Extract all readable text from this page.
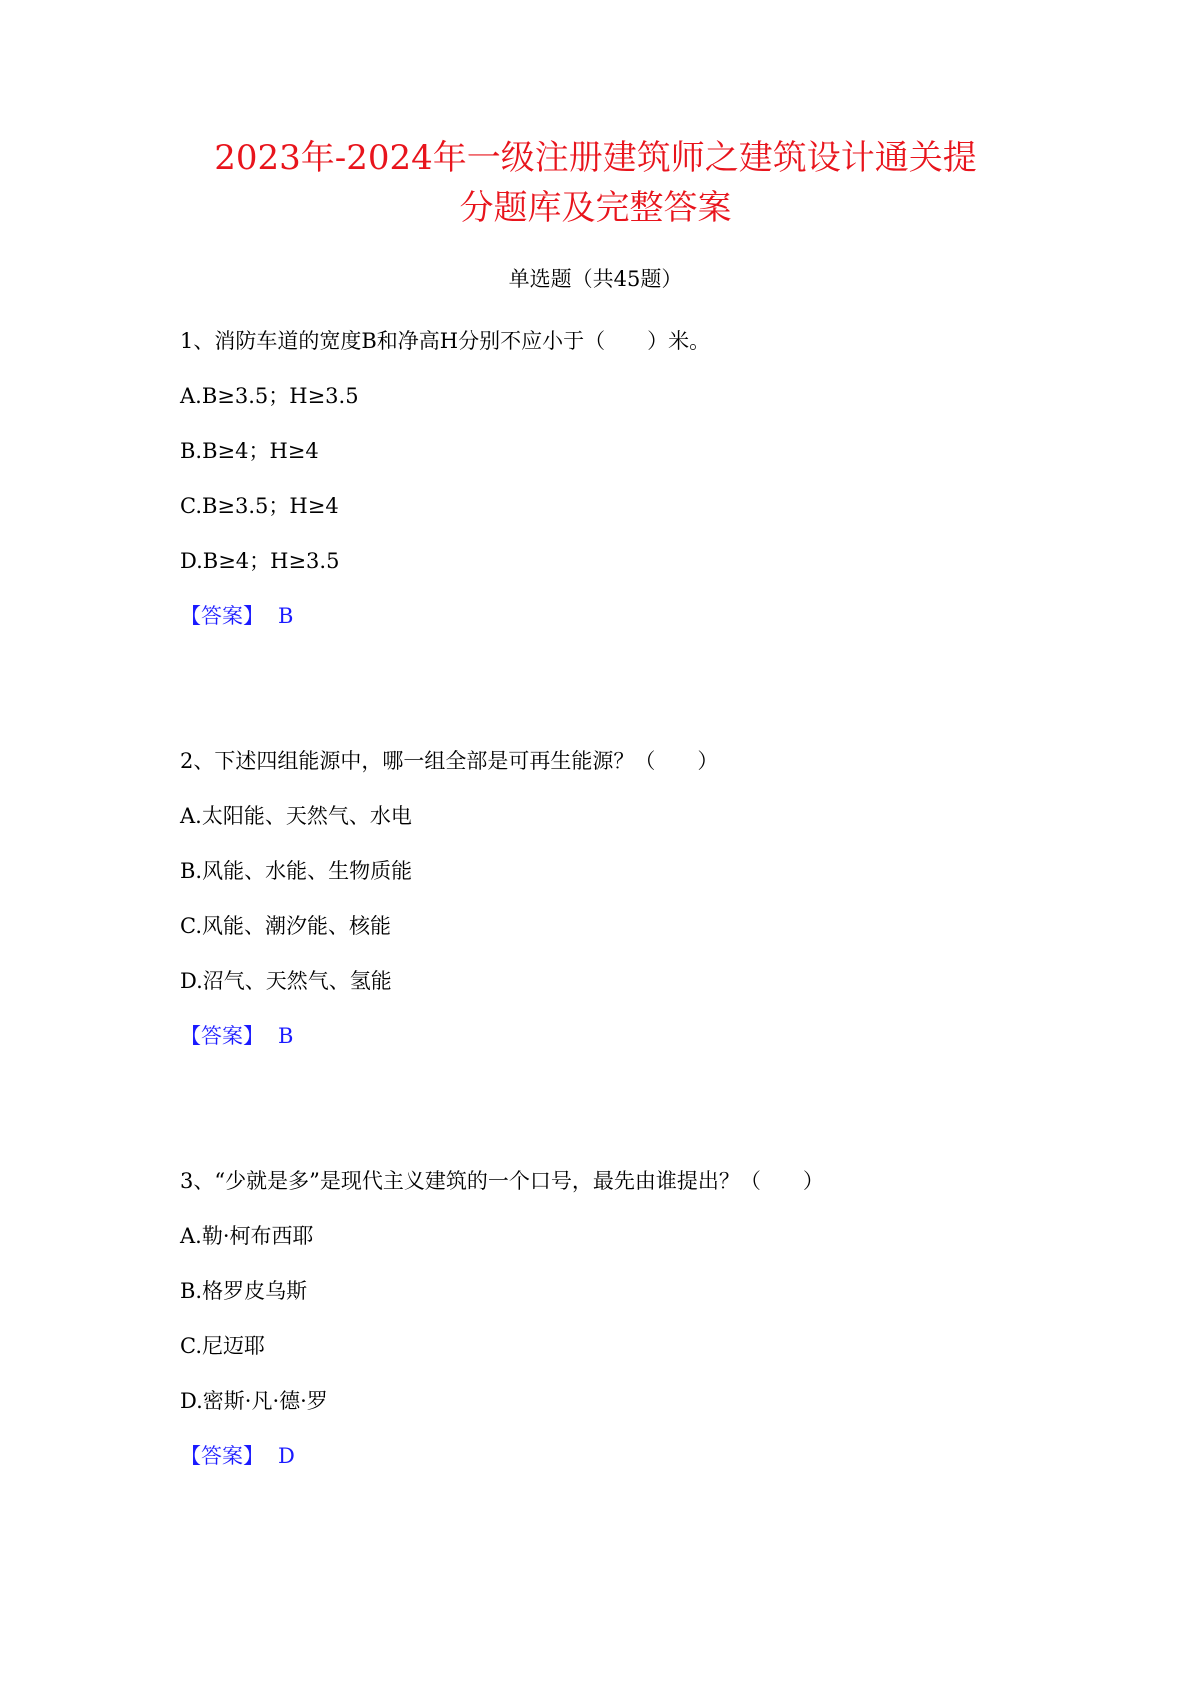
2023年-2024年一级注册建筑师之建筑设计通关提
分题库及完整答案
单选题（共45题）
1、消防车道的宽度B和净高H分别不应小于（　　）米。
A.B≥3.5；H≥3.5
B.B≥4；H≥4
C.B≥3.5；H≥4
D.B≥4；H≥3.5
【答案】 B
2、下述四组能源中，哪一组全部是可再生能源？（　　）
A.太阳能、天然气、水电
B.风能、水能、生物质能
C.风能、潮汐能、核能
D.沼气、天然气、氢能
【答案】 B
3、“少就是多”是现代主义建筑的一个口号，最先由谁提出？（　　）
A.勒·柯布西耶
B.格罗皮乌斯
C.尼迈耶
D.密斯·凡·德·罗
【答案】 D
